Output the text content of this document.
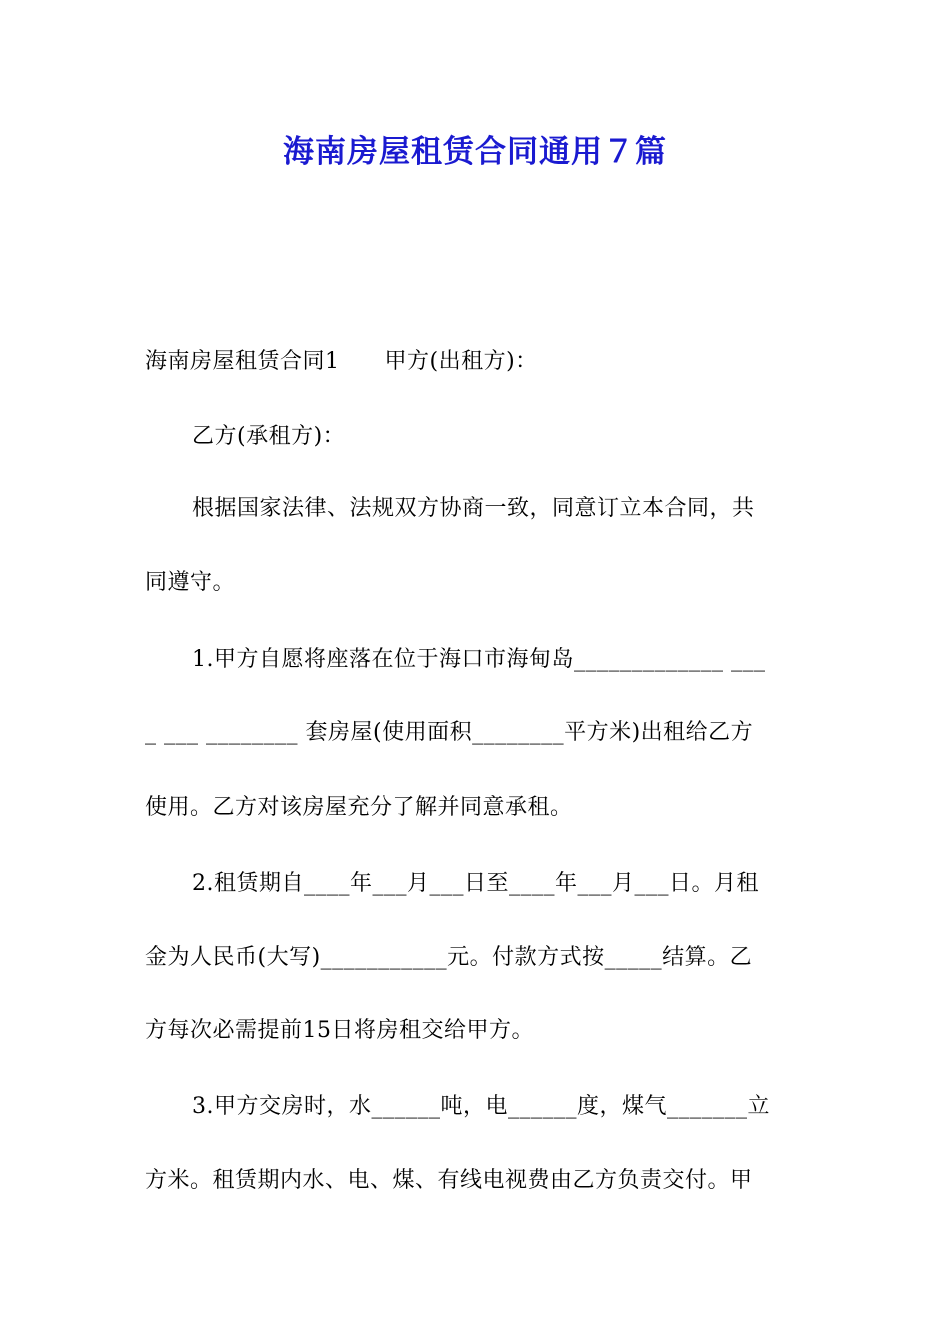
海南房屋租赁合同通用７篇
海南房屋租赁合同1　　甲方(出租方)：
乙方(承租方)：
根据国家法律、法规双方协商一致，同意订立本合同，共
同遵守。
1.甲方自愿将座落在位于海口市海甸岛_____________ ___
_ ___ ________ 套房屋(使用面积________平方米)出租给乙方
使用。乙方对该房屋充分了解并同意承租。
2.租赁期自____年___月___日至____年___月___日。月租
金为人民币(大写)___________元。付款方式按_____结算。乙
方每次必需提前15日将房租交给甲方。
3.甲方交房时，水______吨，电______度，煤气_______立
方米。租赁期内水、电、煤、有线电视费由乙方负责交付。甲
